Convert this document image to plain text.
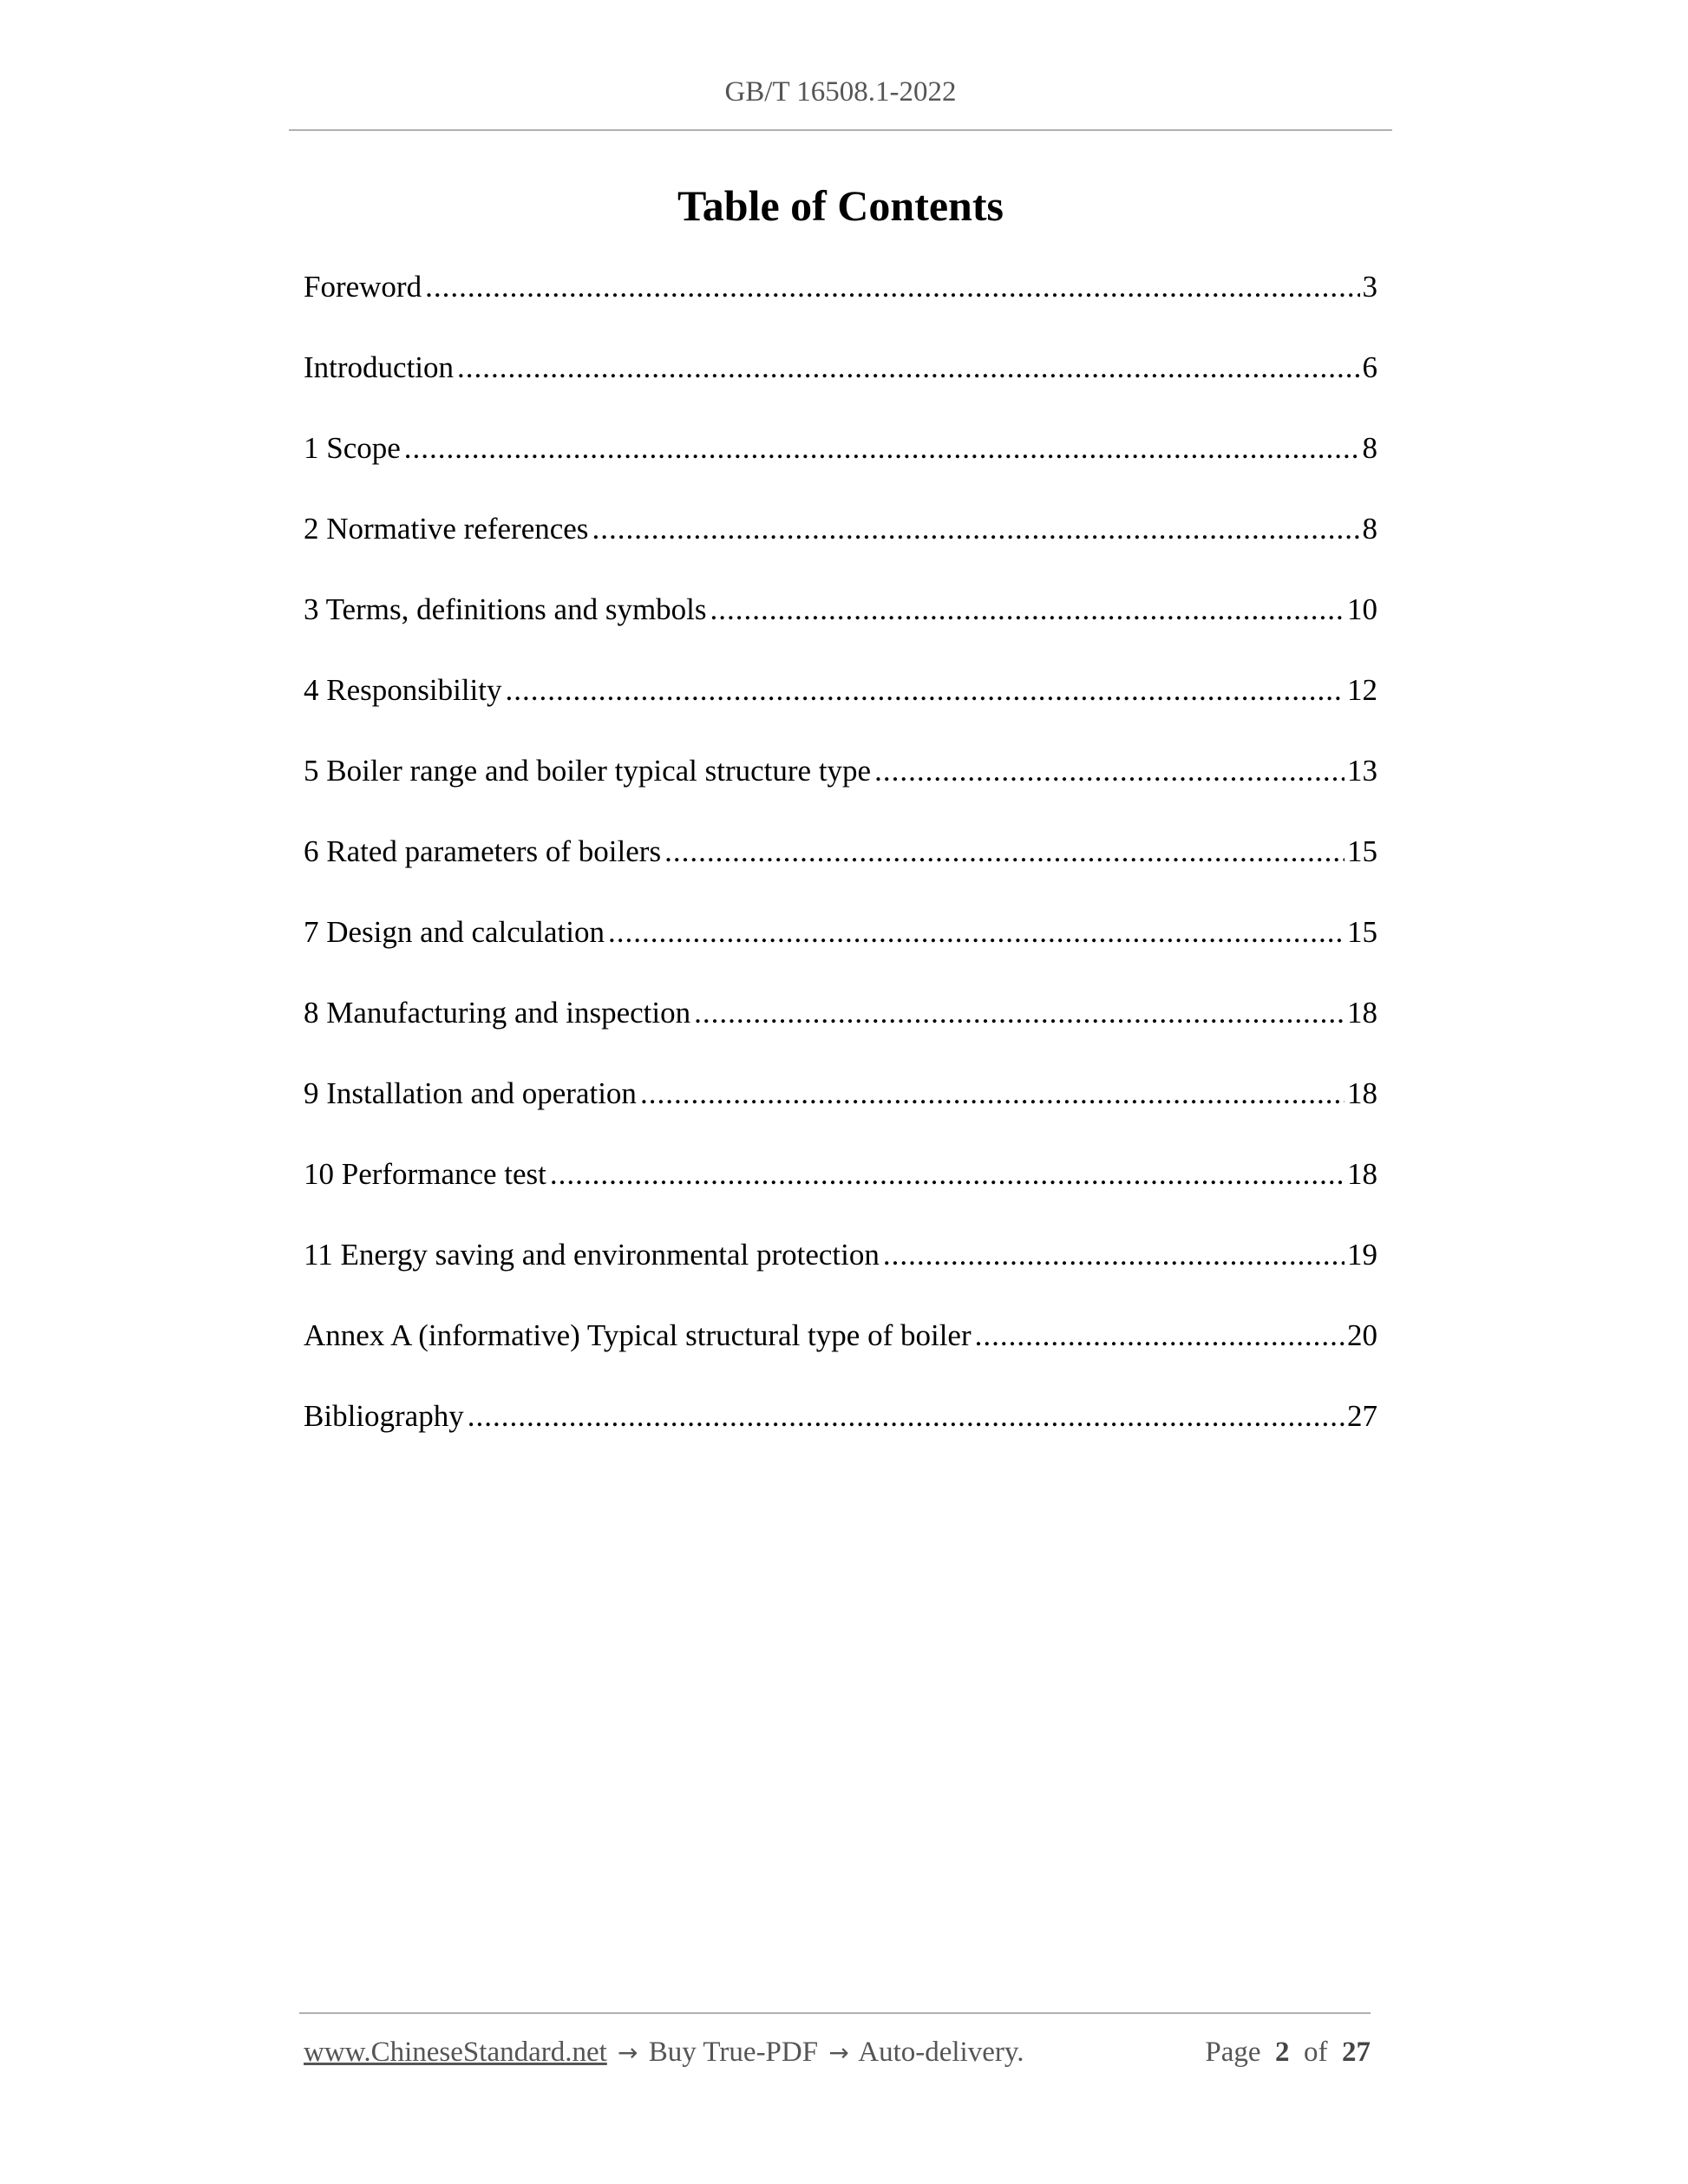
GB/T 16508.1-2022
Table of Contents
Foreword .....	3
Introduction .....	6
1 Scope .....	8
2 Normative references .....	8
3 Terms, definitions and symbols .....	10
4 Responsibility .....	12
5 Boiler range and boiler typical structure type .....	13
6 Rated parameters of boilers .....	15
7 Design and calculation .....	15
8 Manufacturing and inspection .....	18
9 Installation and operation .....	18
10 Performance test .....	18
11 Energy saving and environmental protection .....	19
Annex A (informative) Typical structural type of boiler .....	20
Bibliography .....	27
www.ChineseStandard.net → Buy True-PDF → Auto-delivery.	Page 2 of 27
